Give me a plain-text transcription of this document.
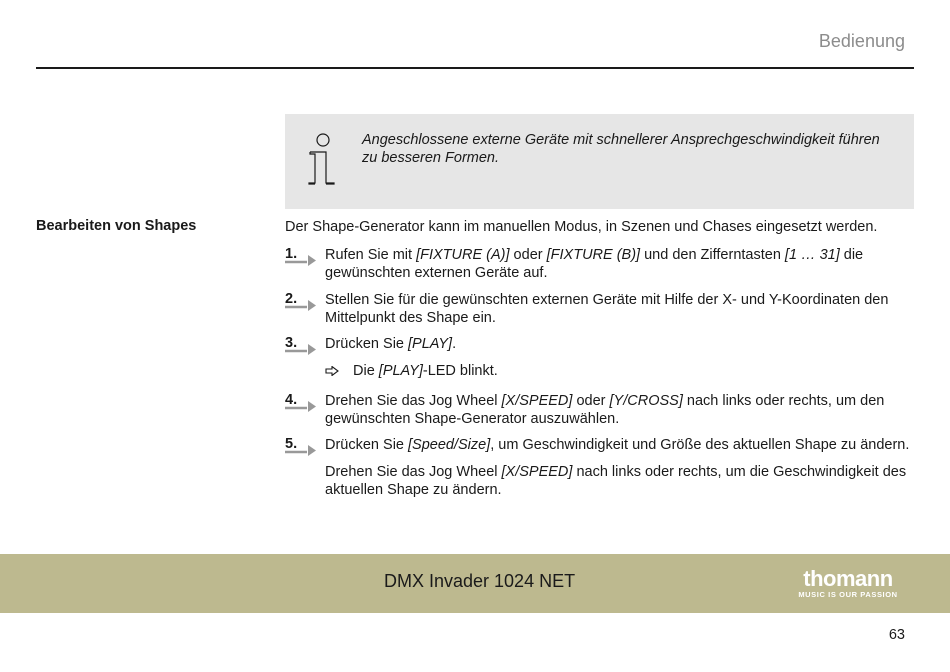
Bedienung
Angeschlossene externe Geräte mit schnellerer Ansprechgeschwindigkeit führen zu besseren Formen.
Bearbeiten von Shapes	Der Shape-Generator kann im manuellen Modus, in Szenen und Chases eingesetzt werden.
1. Rufen Sie mit [FIXTURE (A)] oder [FIXTURE (B)] und den Zifferntasten [1 … 31] die gewünschten externen Geräte auf.
2. Stellen Sie für die gewünschten externen Geräte mit Hilfe der X- und Y-Koordinaten den Mittelpunkt des Shape ein.
3. Drücken Sie [PLAY].
Die [PLAY]-LED blinkt.
4. Drehen Sie das Jog Wheel [X/SPEED] oder [Y/CROSS] nach links oder rechts, um den gewünschten Shape-Generator auszuwählen.
5. Drücken Sie [Speed/Size], um Geschwindigkeit und Größe des aktuellen Shape zu ändern.
Drehen Sie das Jog Wheel [X/SPEED] nach links oder rechts, um die Geschwindigkeit des aktuellen Shape zu ändern.
DMX Invader 1024 NET	thomann
MUSIC IS OUR PASSION
63
